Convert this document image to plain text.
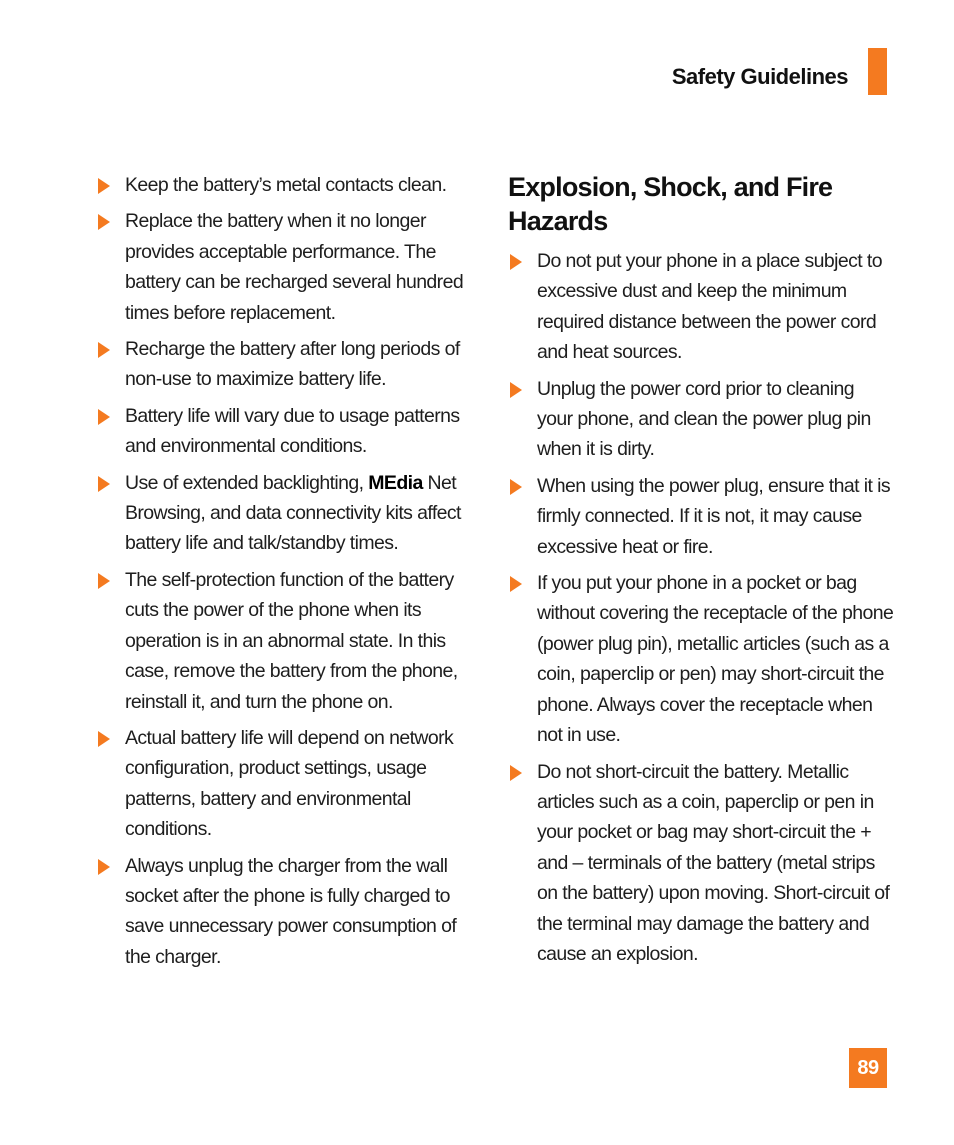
Safety Guidelines
Keep the battery’s metal contacts clean.
Replace the battery when it no longer provides acceptable performance. The battery can be recharged several hundred times before replacement.
Recharge the battery after long periods of non-use to maximize battery life.
Battery life will vary due to usage patterns and environmental conditions.
Use of extended backlighting, MEdia Net Browsing, and data connectivity kits affect battery life and talk/standby times.
The self-protection function of the battery cuts the power of the phone when its operation is in an abnormal state. In this case, remove the battery from the phone, reinstall it, and turn the phone on.
Actual battery life will depend on network configuration, product settings, usage patterns, battery and environmental conditions.
Always unplug the charger from the wall socket after the phone is fully charged to save unnecessary power consumption of the charger.
Explosion, Shock, and Fire Hazards
Do not put your phone in a place subject to excessive dust and keep the minimum required distance between the power cord and heat sources.
Unplug the power cord prior to cleaning your phone, and clean the power plug pin when it is dirty.
When using the power plug, ensure that it is firmly connected. If it is not, it may cause excessive heat or fire.
If you put your phone in a pocket or bag without covering the receptacle of the phone (power plug pin), metallic articles (such as a coin, paperclip or pen) may short-circuit the phone. Always cover the receptacle when not in use.
Do not short-circuit the battery. Metallic articles such as a coin, paperclip or pen in your pocket or bag may short-circuit the + and – terminals of the battery (metal strips on the battery) upon moving. Short-circuit of the terminal may damage the battery and cause an explosion.
89
